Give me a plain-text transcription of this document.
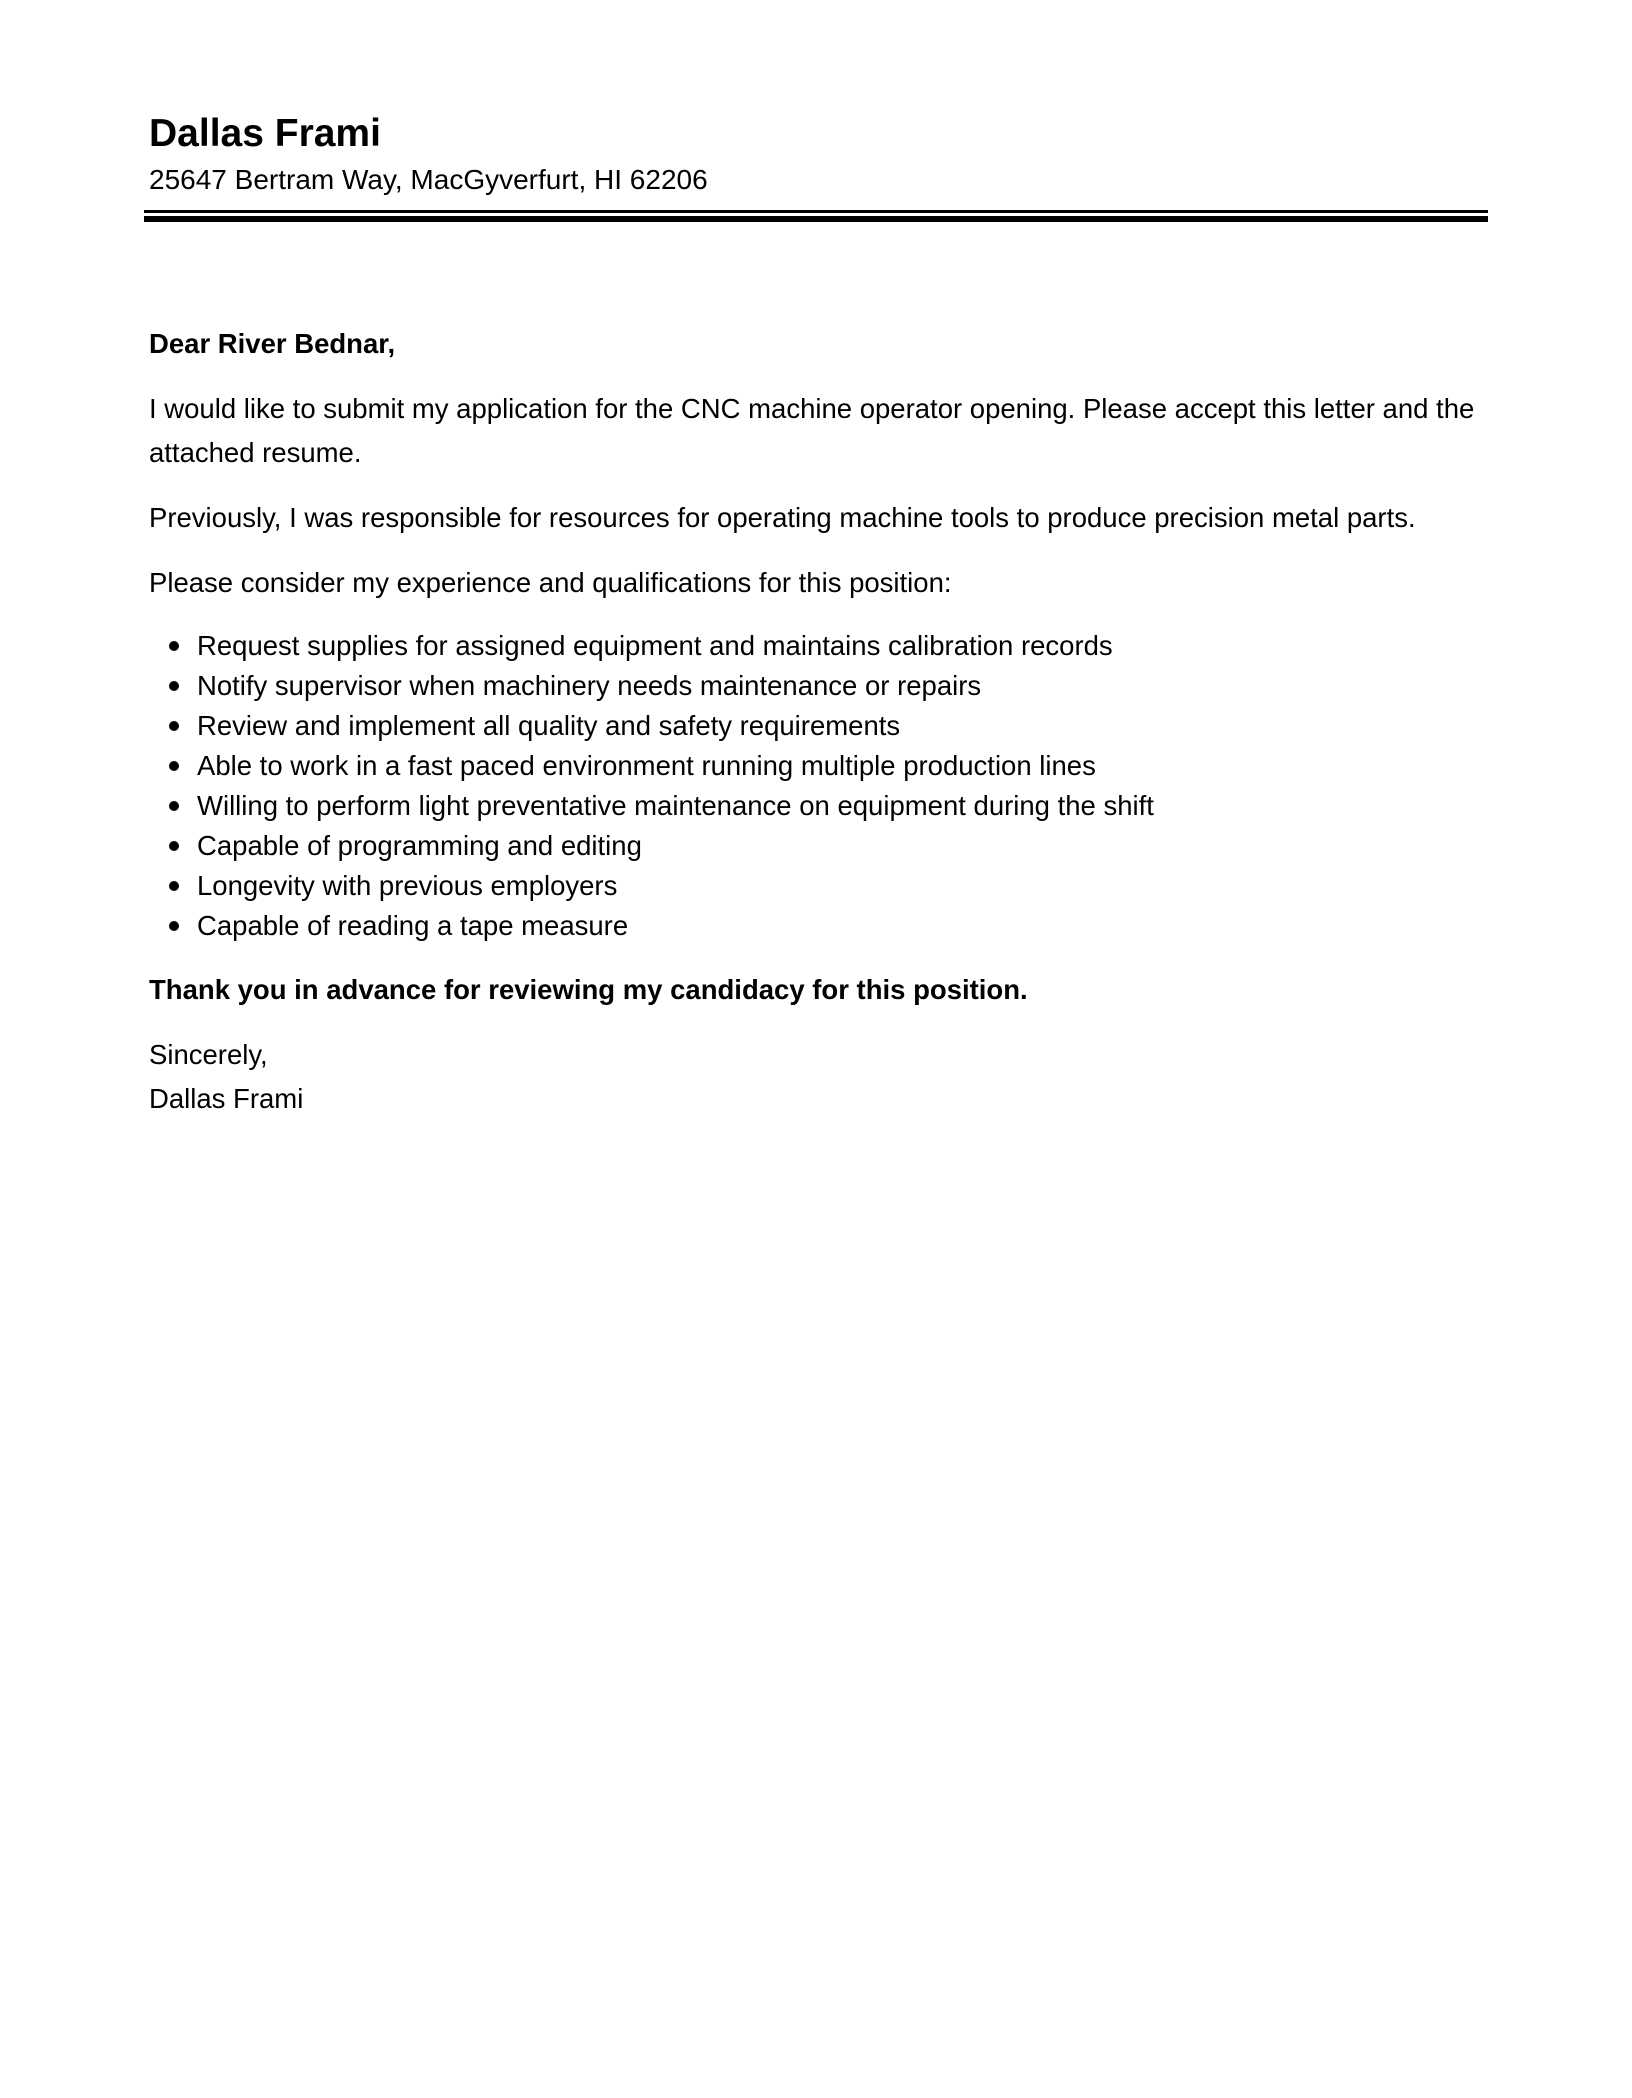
Dallas Frami
25647 Bertram Way, MacGyverfurt, HI 62206

Dear River Bednar,

I would like to submit my application for the CNC machine operator opening. Please accept this letter and the attached resume.

Previously, I was responsible for resources for operating machine tools to produce precision metal parts.

Please consider my experience and qualifications for this position:

Request supplies for assigned equipment and maintains calibration records
Notify supervisor when machinery needs maintenance or repairs
Review and implement all quality and safety requirements
Able to work in a fast paced environment running multiple production lines
Willing to perform light preventative maintenance on equipment during the shift
Capable of programming and editing
Longevity with previous employers
Capable of reading a tape measure

Thank you in advance for reviewing my candidacy for this position.

Sincerely,

Dallas Frami
